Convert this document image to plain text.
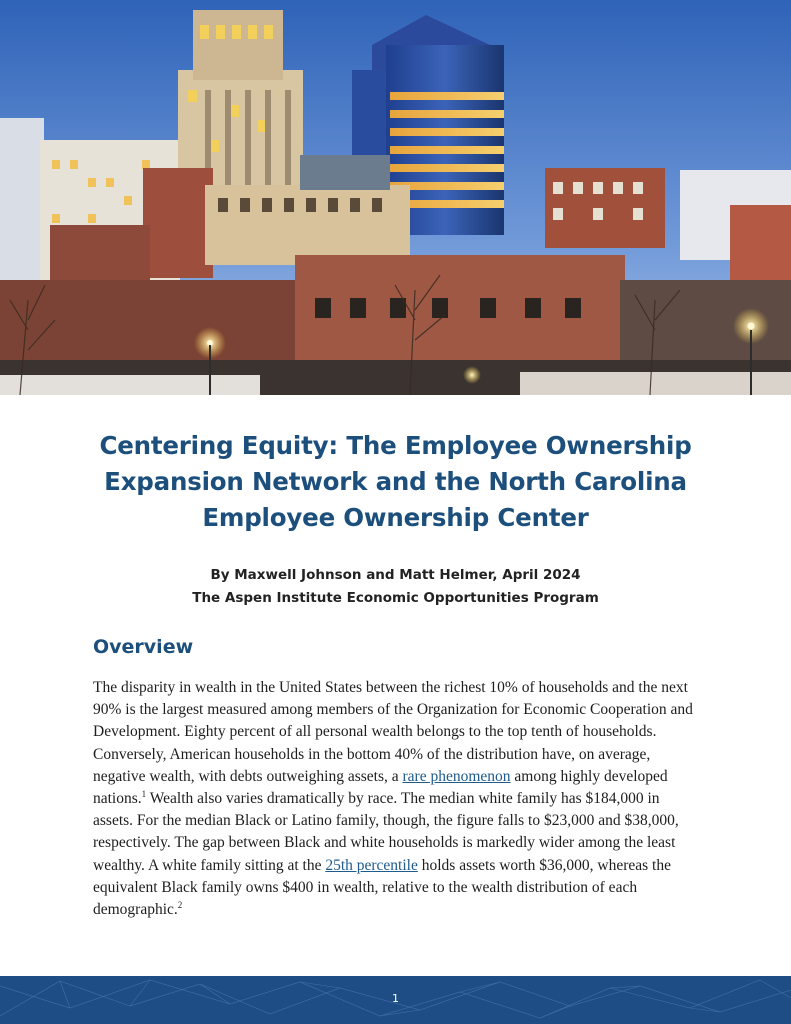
Centering Equity: The Employee Ownership
Expansion Network and the North Carolina
Employee Ownership Center
By Maxwell Johnson and Matt Helmer, April 2024
The Aspen Institute Economic Opportunities Program
Overview

The disparity in wealth in the United States between the richest 10% of households and the next 90% is the largest measured among members of the Organization for Economic Cooperation and Development. Eighty percent of all personal wealth belongs to the top tenth of households. Conversely, American households in the bottom 40% of the distribution have, on average, negative wealth, with debts outweighing assets, a rare phenomenon among highly developed nations.$^1$ Wealth also varies dramatically by race. The median white family has $184,000 in assets. For the median Black or Latino family, though, the figure falls to $23,000 and $38,000, respectively. The gap between Black and white households is markedly wider among the least wealthy. A white family sitting at the 25th percentile holds assets worth $36,000, whereas the equivalent Black family owns $400 in wealth, relative to the wealth distribution of each demographic.$^2$

1
